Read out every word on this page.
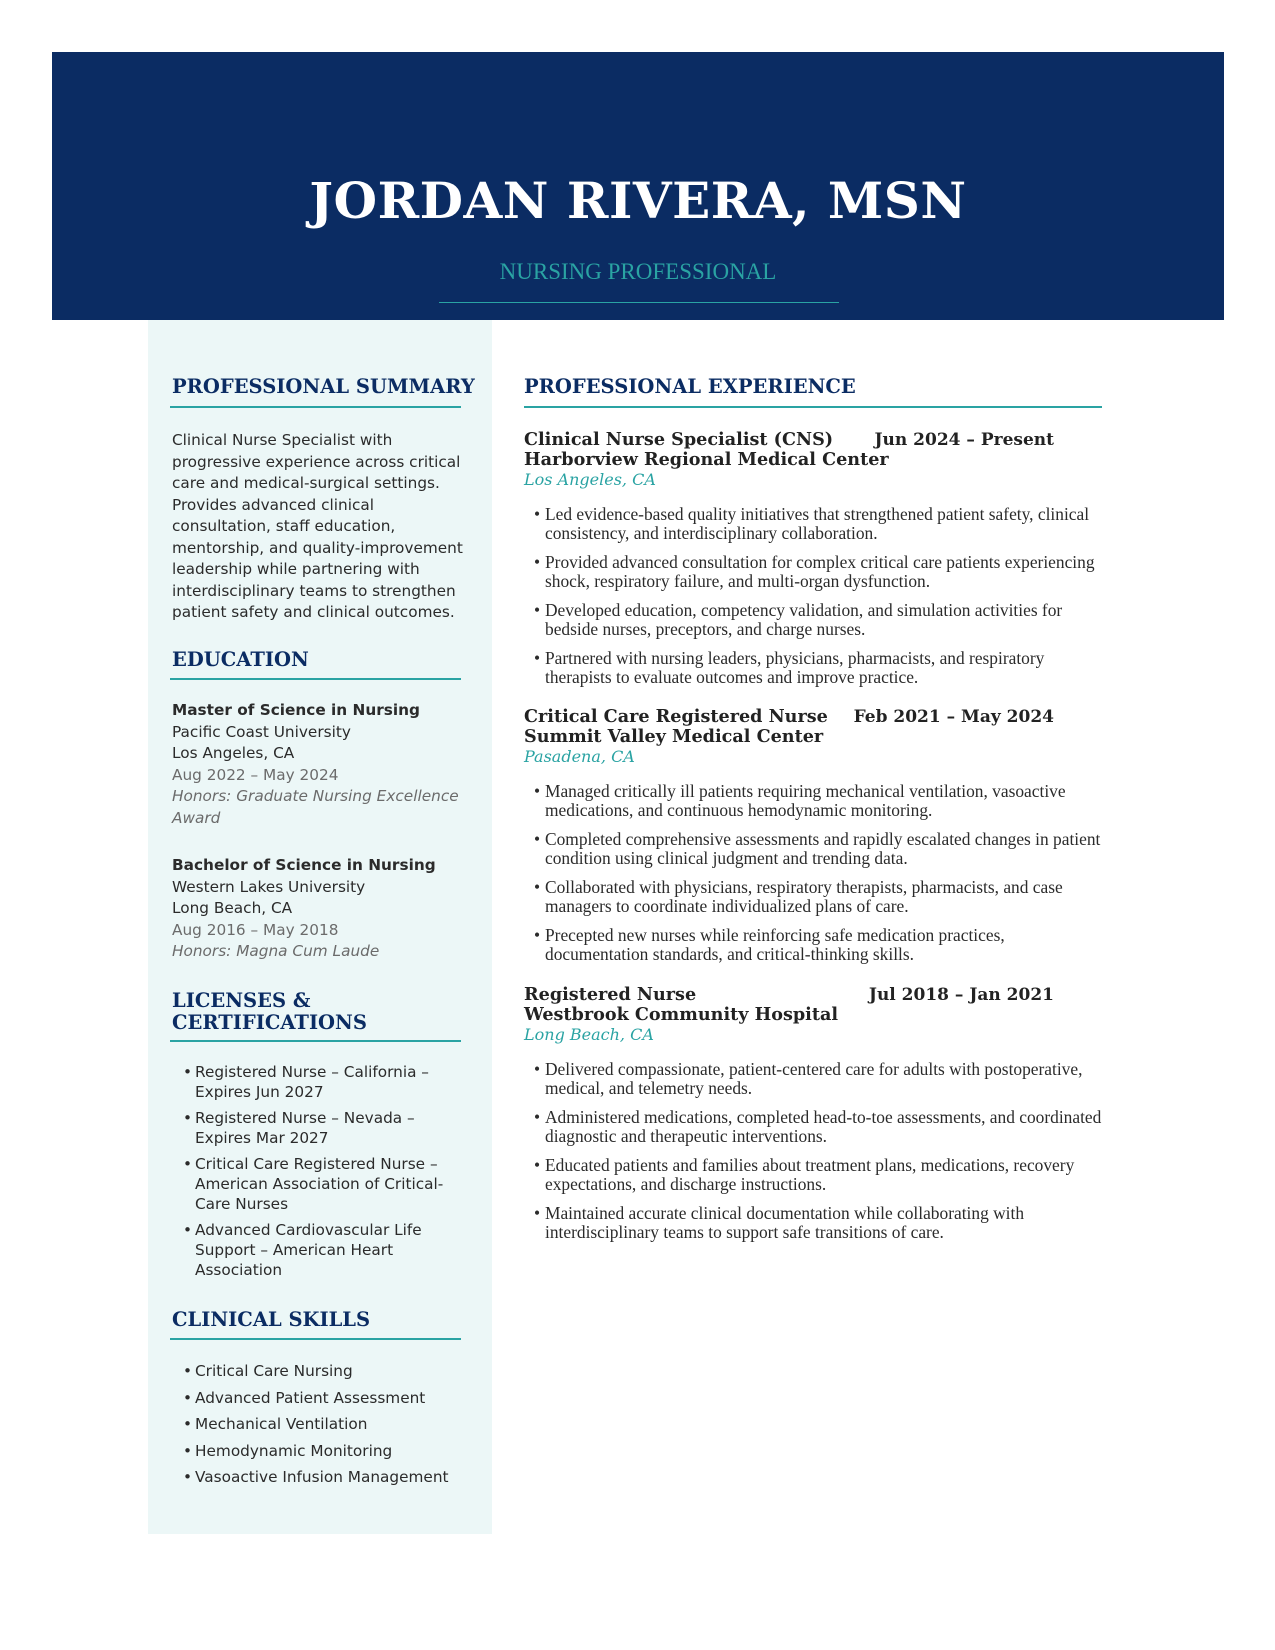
JORDAN RIVERA, MSN
NURSING PROFESSIONAL
jordan-rivera@example.com | https://www.linkedin.com/in/jordan-rivera-rn
PROFESSIONAL SUMMARY
Clinical Nurse Specialist with progressive experience across critical care and medical-surgical settings. Provides advanced clinical consultation, staff education, mentorship, and quality-improvement leadership while partnering with interdisciplinary teams to strengthen patient safety and clinical outcomes.
EDUCATION
Master of Science in Nursing
Pacific Coast University
Los Angeles, CA
Aug 2022 – May 2024
Honors: Graduate Nursing Excellence Award
Bachelor of Science in Nursing
Western Lakes University
Long Beach, CA
Aug 2016 – May 2018
Honors: Magna Cum Laude
LICENSES &
CERTIFICATIONS
• Registered Nurse – California – Expires Jun 2027
• Registered Nurse – Nevada – Expires Mar 2027
• Critical Care Registered Nurse – American Association of Critical-Care Nurses
• Advanced Cardiovascular Life Support – American Heart Association
CLINICAL SKILLS
• Critical Care Nursing
• Advanced Patient Assessment
• Mechanical Ventilation
• Hemodynamic Monitoring
• Vasoactive Infusion Management
PROFESSIONAL EXPERIENCE
Clinical Nurse Specialist (CNS)	Jun 2024 – Present
Harborview Regional Medical Center
Los Angeles, CA
• Led evidence-based quality initiatives that strengthened patient safety, clinical consistency, and interdisciplinary collaboration.
• Provided advanced consultation for complex critical care patients experiencing shock, respiratory failure, and multi-organ dysfunction.
• Developed education, competency validation, and simulation activities for bedside nurses, preceptors, and charge nurses.
• Partnered with nursing leaders, physicians, pharmacists, and respiratory therapists to evaluate outcomes and improve practice.
Critical Care Registered Nurse	Feb 2021 – May 2024
Summit Valley Medical Center
Pasadena, CA
• Managed critically ill patients requiring mechanical ventilation, vasoactive medications, and continuous hemodynamic monitoring.
• Completed comprehensive assessments and rapidly escalated changes in patient condition using clinical judgment and trending data.
• Collaborated with physicians, respiratory therapists, pharmacists, and case managers to coordinate individualized plans of care.
• Precepted new nurses while reinforcing safe medication practices, documentation standards, and critical-thinking skills.
Registered Nurse	Jul 2018 – Jan 2021
Westbrook Community Hospital
Long Beach, CA
• Delivered compassionate, patient-centered care for adults with postoperative, medical, and telemetry needs.
• Administered medications, completed head-to-toe assessments, and coordinated diagnostic and therapeutic interventions.
• Educated patients and families about treatment plans, medications, recovery expectations, and discharge instructions.
• Maintained accurate clinical documentation while collaborating with interdisciplinary teams to support safe transitions of care.
